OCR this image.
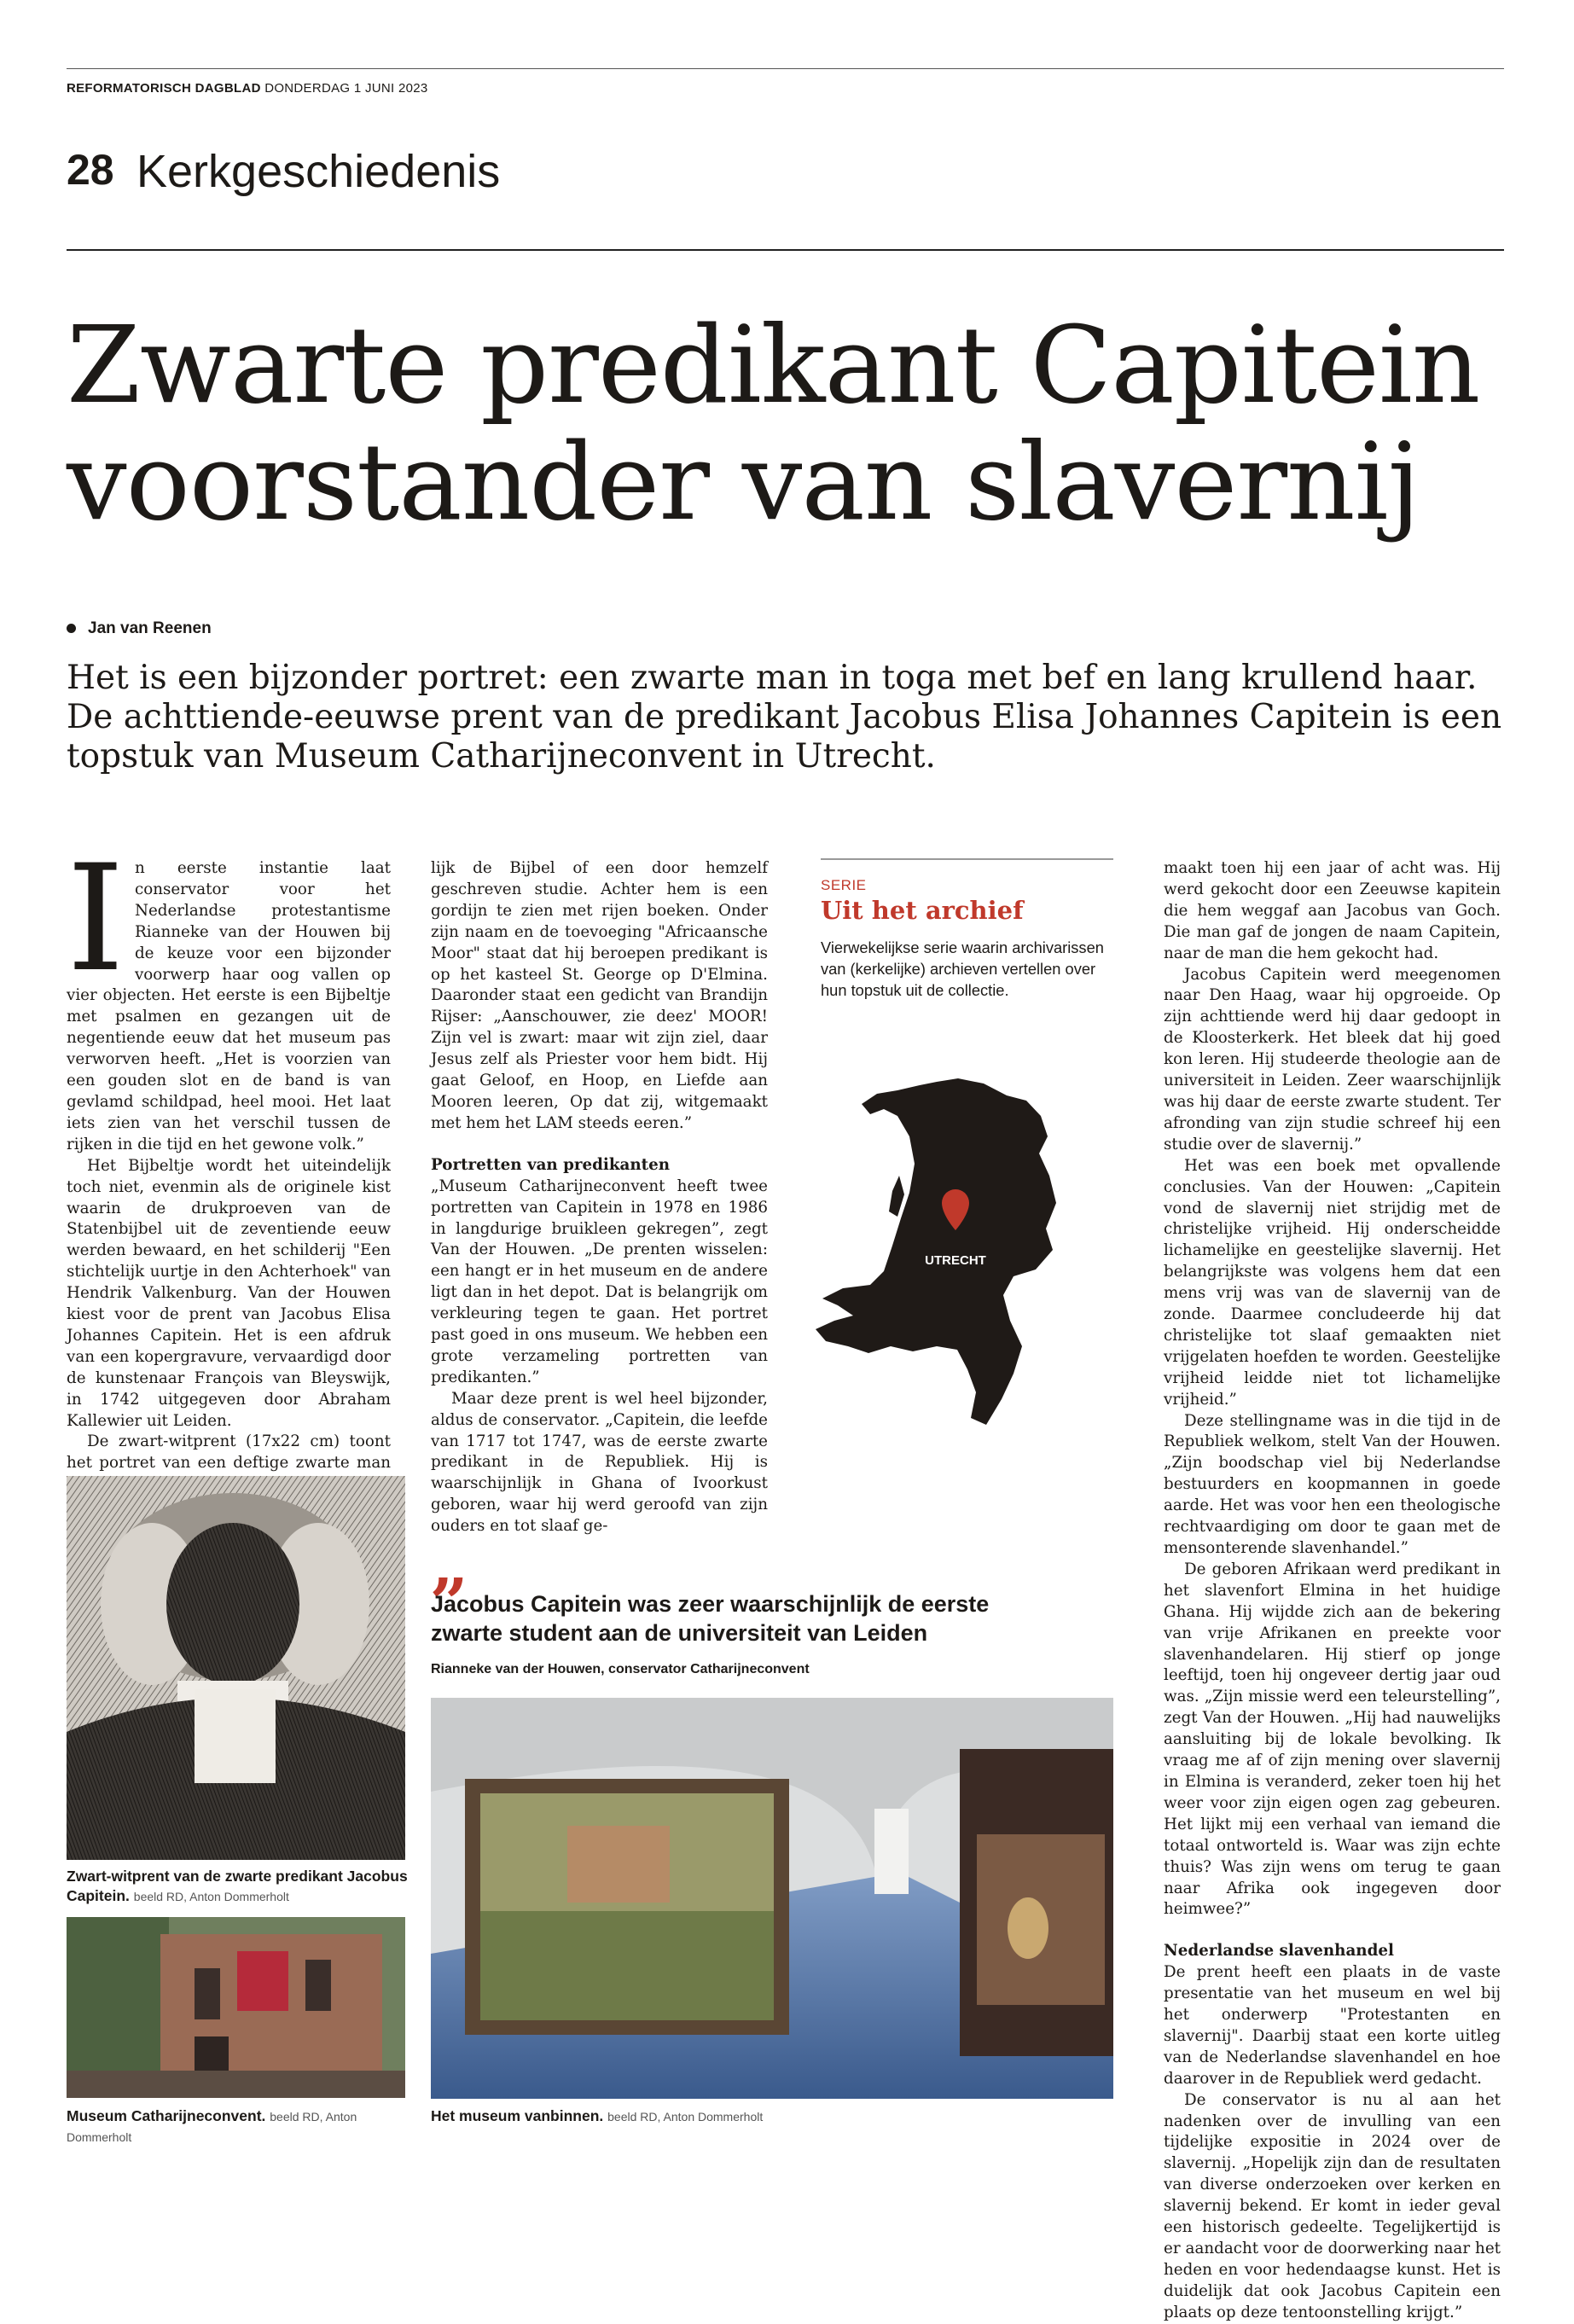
REFORMATORISCH DAGBLAD DONDERDAG 1 JUNI 2023
28 Kerkgeschiedenis
Zwarte predikant Capitein
voorstander van slavernij
Jan van Reenen
Het is een bijzonder portret: een zwarte man in toga met bef en lang krullend haar. De achttiende-eeuwse prent van de predikant Jacobus Elisa Johannes Capitein is een topstuk van Museum Catharijneconvent in Utrecht.
I n eerste instantie laat conservator voor het Nederlandse protestantisme Rianneke van der Houwen bij de keuze voor een bijzonder voorwerp haar oog vallen op vier objecten. Het eerste is een Bijbeltje met psalmen en gezangen uit de negentiende eeuw dat het museum pas verworven heeft. „Het is voorzien van een gouden slot en de band is van gevlamd schildpad, heel mooi. Het laat iets zien van het verschil tussen de rijken in die tijd en het gewone volk.”

Het Bijbeltje wordt het uiteindelijk toch niet, evenmin als de originele kist waarin de drukproeven van de Statenbijbel uit de zeventiende eeuw werden bewaard, en het schilderij "Een stichtelijk uurtje in den Achterhoek" van Hendrik Valkenburg. Van der Houwen kiest voor de prent van Jacobus Elisa Johannes Capitein. Het is een afdruk van een kopergravure, vervaardigd door de kunstenaar François van Bleyswijk, in 1742 uitgegeven door Abraham Kallewier uit Leiden.

De zwart-witprent (17x22 cm) toont het portret van een deftige zwarte man

lijk de Bijbel of een door hemzelf geschreven studie. Achter hem is een gordijn te zien met rijen boeken. Onder zijn naam en de toevoeging "Africaansche Moor" staat dat hij beroepen predikant is op het kasteel St. George op D'Elmina. Daaronder staat een gedicht van Brandijn Rijser: „Aanschouwer, zie deez' MOOR! Zijn vel is zwart: maar wit zijn ziel, daar Jesus zelf als Priester voor hem bidt. Hij gaat Geloof, en Hoop, en Liefde aan Mooren leeren, Op dat zij, witgemaakt met hem het LAM steeds eeren.”

Portretten van predikanten

„Museum Catharijneconvent heeft twee portretten van Capitein in 1978 en 1986 in langdurige bruikleen gekregen”, zegt Van der Houwen. „De prenten wisselen: een hangt er in het museum en de andere ligt dan in het depot. Dat is belangrijk om verkleuring tegen te gaan. Het portret past goed in ons museum. We hebben een grote verzameling portretten van predikanten.”

Maar deze prent is wel heel bijzonder, aldus de conservator. „Capitein, die leefde van 1717 tot 1747, was de eerste zwarte predikant in de Republiek. Hij is waarschijnlijk in Ghana of Ivoorkust geboren, waar hij werd geroofd van zijn ouders en tot slaaf ge-

SERIE
Uit het archief
Vierwekelijkse serie waarin archivarissen van (kerkelijke) archieven vertellen over hun topstuk uit de collectie.
UTRECHT

maakt toen hij een jaar of acht was. Hij werd gekocht door een Zeeuwse kapitein die hem weggaf aan Jacobus van Goch. Die man gaf de jongen de naam Capitein, naar de man die hem gekocht had.

Jacobus Capitein werd meegenomen naar Den Haag, waar hij opgroeide. Op zijn achttiende werd hij daar gedoopt in de Kloosterkerk. Het bleek dat hij goed kon leren. Hij studeerde theologie aan de universiteit in Leiden. Zeer waarschijnlijk was hij daar de eerste zwarte student. Ter afronding van zijn studie schreef hij een studie over de slavernij.”

Het was een boek met opvallende conclusies. Van der Houwen: „Capitein vond de slavernij niet strijdig met de christelijke vrijheid. Hij onderscheidde lichamelijke en geestelijke slavernij. Het belangrijkste was volgens hem dat een mens vrij was van de slavernij van de zonde. Daarmee concludeerde hij dat christelijke tot slaaf gemaakten niet vrijgelaten hoefden te worden. Geestelijke vrijheid leidde niet tot lichamelijke vrijheid.”

Deze stellingname was in die tijd in de Republiek welkom, stelt Van der Houwen. „Zijn boodschap viel bij Nederlandse bestuurders en koopmannen in goede aarde. Het was voor hen een theologische rechtvaardiging om door te gaan met de mensonterende slavenhandel.”

De geboren Afrikaan werd predikant in het slavenfort Elmina in het huidige Ghana. Hij wijdde zich aan de bekering van vrije Afrikanen en preekte voor slavenhandelaren. Hij stierf op jonge leeftijd, toen hij ongeveer dertig jaar oud was. „Zijn missie werd een teleurstelling”, zegt Van der Houwen. „Hij had nauwelijks aansluiting bij de lokale bevolking. Ik vraag me af of zijn mening over slavernij in Elmina is veranderd, zeker toen hij het weer voor zijn eigen ogen zag gebeuren. Het lijkt mij een verhaal van iemand die totaal ontworteld is. Waar was zijn echte thuis? Was zijn wens om terug te gaan naar Afrika ook ingegeven door heimwee?”

Nederlandse slavenhandel

De prent heeft een plaats in de vaste presentatie van het museum en wel bij het onderwerp "Protestanten en slavernij". Daarbij staat een korte uitleg van de Nederlandse slavenhandel en hoe daarover in de Republiek werd gedacht.

De conservator is nu al aan het nadenken over de invulling van een tijdelijke expositie in 2024 over de slavernij. „Hopelijk zijn dan de resultaten van diverse onderzoeken over kerken en slavernij bekend. Er komt in ieder geval een historisch gedeelte. Tegelijkertijd is er aandacht voor de doorwerking naar het heden en voor hedendaagse kunst. Het is duidelijk dat ook Jacobus Capitein een plaats op deze tentoonstelling krijgt.”

„
Jacobus Capitein was zeer waarschijnlijk de eerste zwarte student aan de universiteit van Leiden
Rianneke van der Houwen, conservator Catharijneconvent
Zwart-witprent van de zwarte predikant Jacobus Capitein. beeld RD, Anton Dommerholt
Museum Catharijneconvent. beeld RD, Anton Dommerholt
Het museum vanbinnen. beeld RD, Anton Dommerholt
